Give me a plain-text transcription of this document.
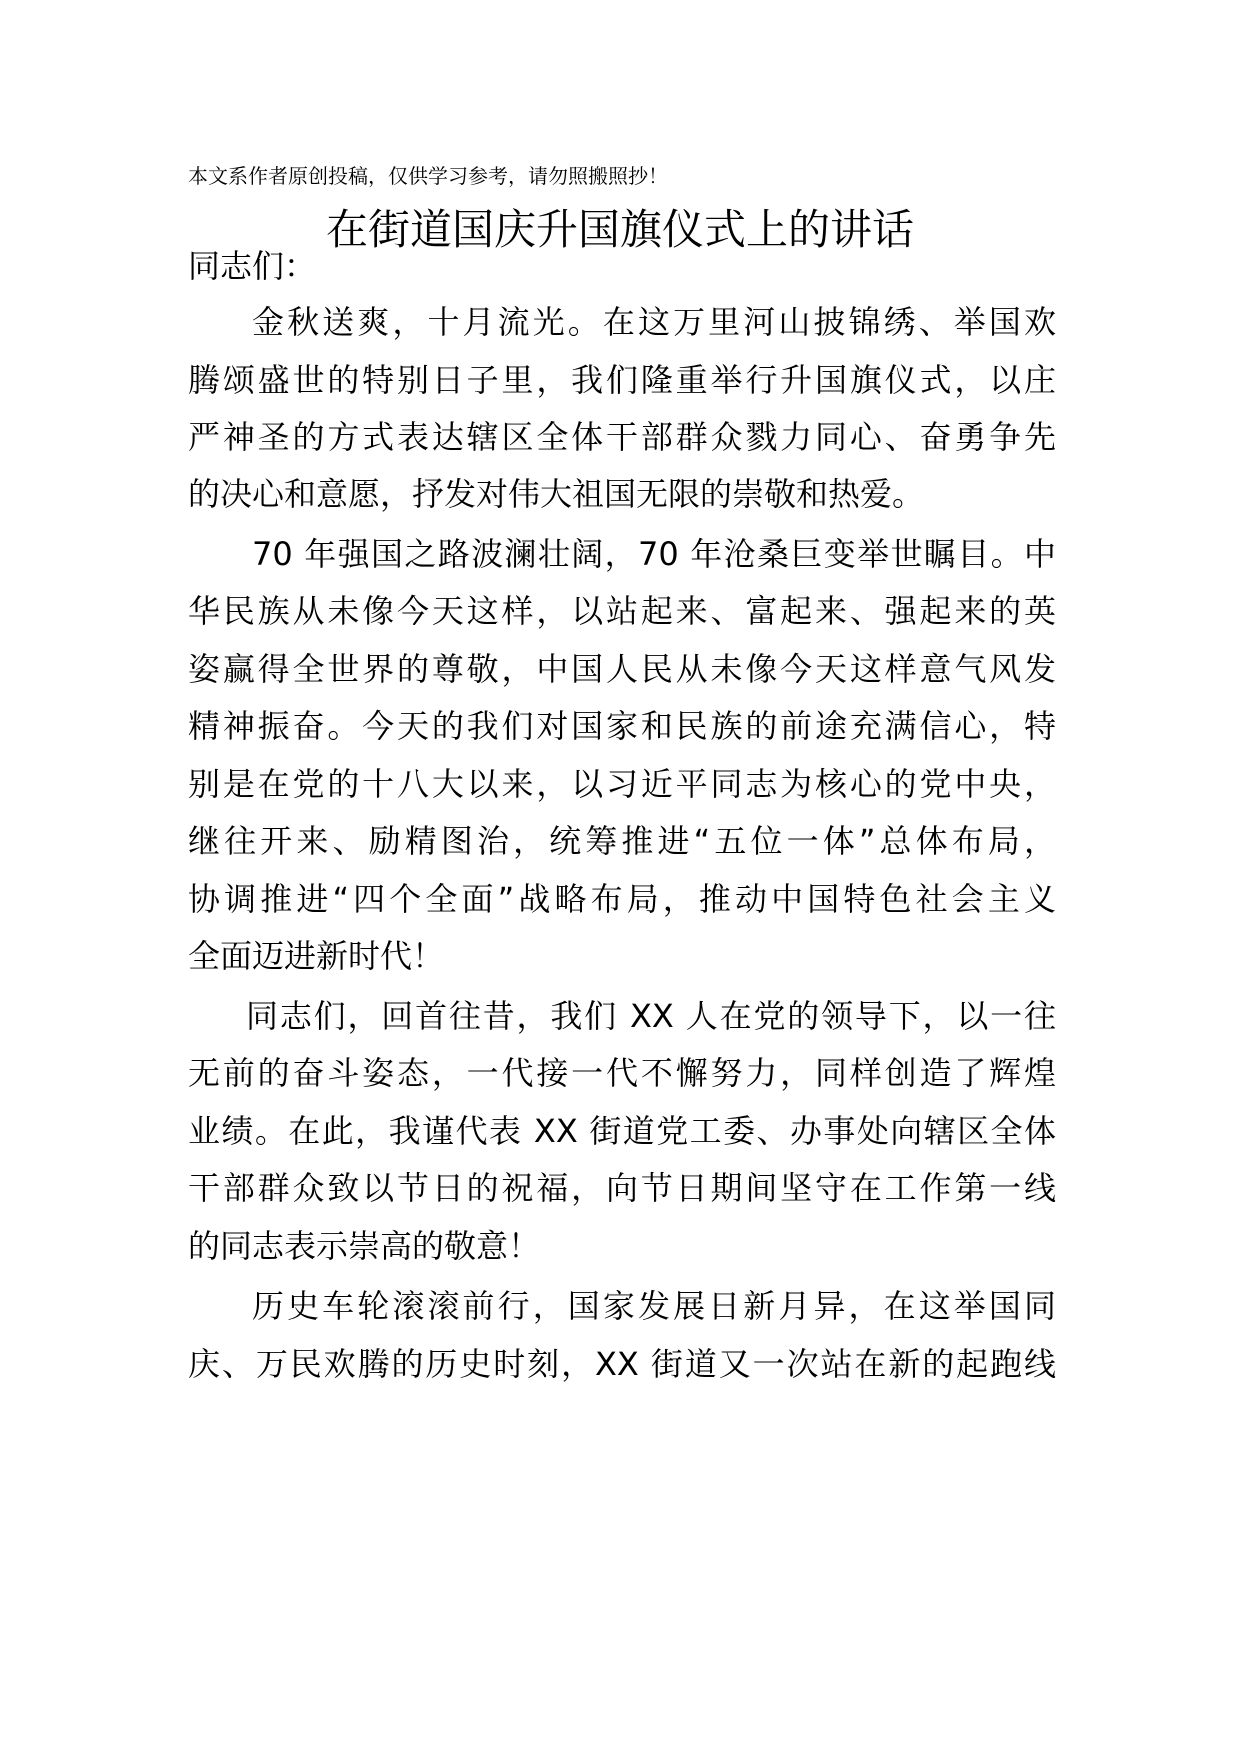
本文系作者原创投稿，仅供学习参考，请勿照搬照抄！
在街道国庆升国旗仪式上的讲话
同志们：
金秋送爽，十月流光。在这万里河山披锦绣、举国欢
腾颂盛世的特别日子里，我们隆重举行升国旗仪式，以庄
严神圣的方式表达辖区全体干部群众戮力同心、奋勇争先
的决心和意愿，抒发对伟大祖国无限的崇敬和热爱。
70 年强国之路波澜壮阔，70 年沧桑巨变举世瞩目。中
华民族从未像今天这样，以站起来、富起来、强起来的英
姿赢得全世界的尊敬，中国人民从未像今天这样意气风发
精神振奋。今天的我们对国家和民族的前途充满信心，特
别是在党的十八大以来，以习近平同志为核心的党中央，
继往开来、励精图治，统筹推进“五位一体”总体布局，
协调推进“四个全面”战略布局，推动中国特色社会主义
全面迈进新时代！
同志们，回首往昔，我们 XX 人在党的领导下，以一往
无前的奋斗姿态，一代接一代不懈努力，同样创造了辉煌
业绩。在此，我谨代表 XX 街道党工委、办事处向辖区全体
干部群众致以节日的祝福，向节日期间坚守在工作第一线
的同志表示崇高的敬意！
历史车轮滚滚前行，国家发展日新月异，在这举国同
庆、万民欢腾的历史时刻，XX 街道又一次站在新的起跑线
